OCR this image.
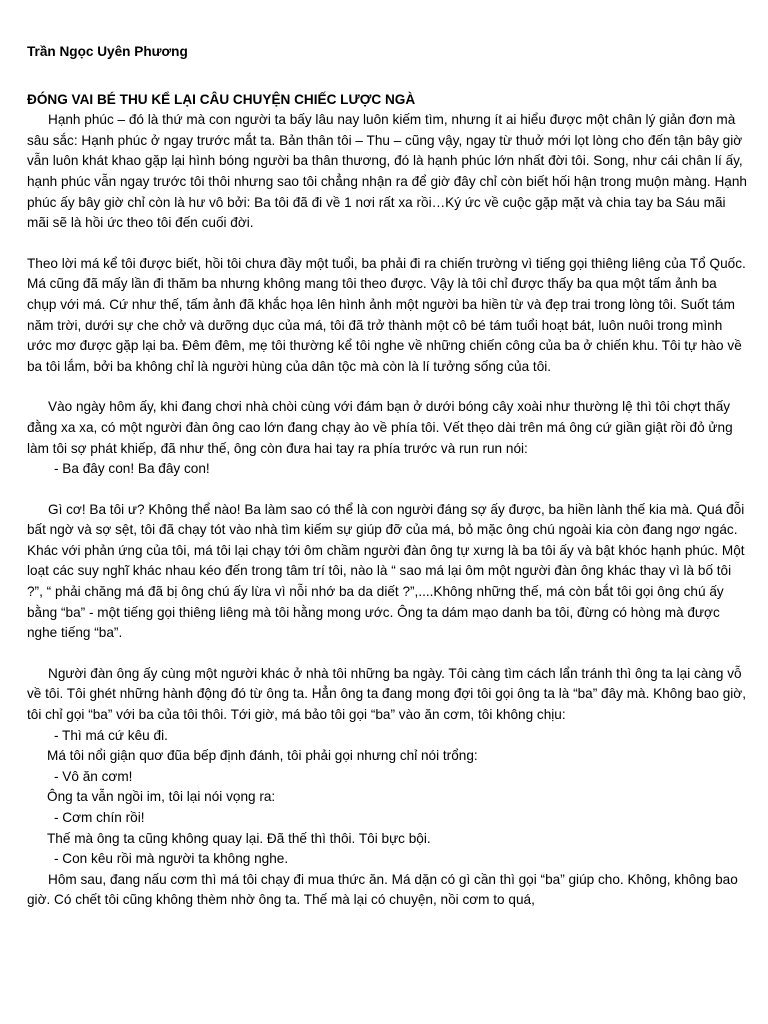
Trần Ngọc Uyên Phương

ĐÓNG VAI BÉ THU KỂ LẠI CÂU CHUYỆN CHIẾC LƯỢC NGÀ

Hạnh phúc – đó là thứ mà con người ta bấy lâu nay luôn kiếm tìm, nhưng ít ai hiểu được một chân lý giản đơn mà sâu sắc: Hạnh phúc ở ngay trước mắt ta. Bản thân tôi – Thu – cũng vậy, ngay từ thuở mới lọt lòng cho đến tận bây giờ vẫn luôn khát khao gặp lại hình bóng người ba thân thương, đó là hạnh phúc lớn nhất đời tôi. Song, như cái chân lí ấy, hạnh phúc vẫn ngay trước tôi thôi nhưng sao tôi chẳng nhận ra để giờ đây chỉ còn biết hối hận trong muộn màng. Hạnh phúc ấy bây giờ chỉ còn là hư vô bởi: Ba tôi đã đi về 1 nơi rất xa rồi…Ký ức về cuộc gặp mặt và chia tay ba Sáu mãi mãi sẽ là hồi ức theo tôi đến cuối đời.

Theo lời má kể tôi được biết, hồi tôi chưa đầy một tuổi, ba phải đi ra chiến trường vì tiếng gọi thiêng liêng của Tổ Quốc. Má cũng đã mấy lần đi thăm ba nhưng không mang tôi theo được. Vậy là tôi chỉ được thấy ba qua một tấm ảnh ba chụp với má. Cứ như thế, tấm ảnh đã khắc họa lên hình ảnh một người ba hiền từ và đẹp trai trong lòng tôi. Suốt tám năm trời, dưới sự che chở và dưỡng dục của má, tôi đã trở thành một cô bé tám tuổi hoạt bát, luôn nuôi trong mình ước mơ được gặp lại ba. Đêm đêm, mẹ tôi thường kể tôi nghe về những chiến công của ba ở chiến khu. Tôi tự hào về ba tôi lắm, bởi ba không chỉ là người hùng của dân tộc mà còn là lí tưởng sống của tôi.

Vào ngày hôm ấy, khi đang chơi nhà chòi cùng với đám bạn ở dưới bóng cây xoài như thường lệ thì tôi chợt thấy đằng xa xa, có một người đàn ông cao lớn đang chạy ào về phía tôi. Vết thẹo dài trên má ông cứ giần giật rồi đỏ ửng làm tôi sợ phát khiếp, đã như thế, ông còn đưa hai tay ra phía trước và run run nói:

- Ba đây con! Ba đây con!

Gì cơ! Ba tôi ư? Không thể nào! Ba làm sao có thể là con người đáng sợ ấy được, ba hiền lành thế kia mà. Quá đỗi bất ngờ và sợ sệt, tôi đã chạy tót vào nhà tìm kiếm sự giúp đỡ của má, bỏ mặc ông chú ngoài kia còn đang ngơ ngác. Khác với phản ứng của tôi, má tôi lại chạy tới ôm chầm người đàn ông tự xưng là ba tôi ấy và bật khóc hạnh phúc. Một loạt các suy nghĩ khác nhau kéo đến trong tâm trí tôi, nào là “ sao má lại ôm một người đàn ông khác thay vì là bố tôi ?”, “ phải chăng má đã bị ông chú ấy lừa vì nỗi nhớ ba da diết ?”,....Không những thế, má còn bắt tôi gọi ông chú ấy bằng “ba” - một tiếng gọi thiêng liêng mà tôi hằng mong ước. Ông ta dám mạo danh ba tôi, đừng có hòng mà được nghe tiếng “ba”.

Người đàn ông ấy cùng một người khác ở nhà tôi những ba ngày. Tôi càng tìm cách lẩn tránh thì ông ta lại càng vỗ về tôi. Tôi ghét những hành động đó từ ông ta. Hẳn ông ta đang mong đợi tôi gọi ông ta là “ba” đây mà. Không bao giờ, tôi chỉ gọi “ba” với ba của tôi thôi. Tới giờ, má bảo tôi gọi “ba” vào ăn cơm, tôi không chịu:

- Thì má cứ kêu đi.

Má tôi nổi giận quơ đũa bếp định đánh, tôi phải gọi nhưng chỉ nói trổng:

- Vô ăn cơm!

Ông ta vẫn ngồi im, tôi lại nói vọng ra:

- Cơm chín rồi!

Thế mà ông ta cũng không quay lại. Đã thế thì thôi. Tôi bực bội.

- Con kêu rồi mà người ta không nghe.

Hôm sau, đang nấu cơm thì má tôi chạy đi mua thức ăn. Má dặn có gì cần thì gọi “ba” giúp cho. Không, không bao giờ. Có chết tôi cũng không thèm nhờ ông ta. Thế mà lại có chuyện, nồi cơm to quá,
